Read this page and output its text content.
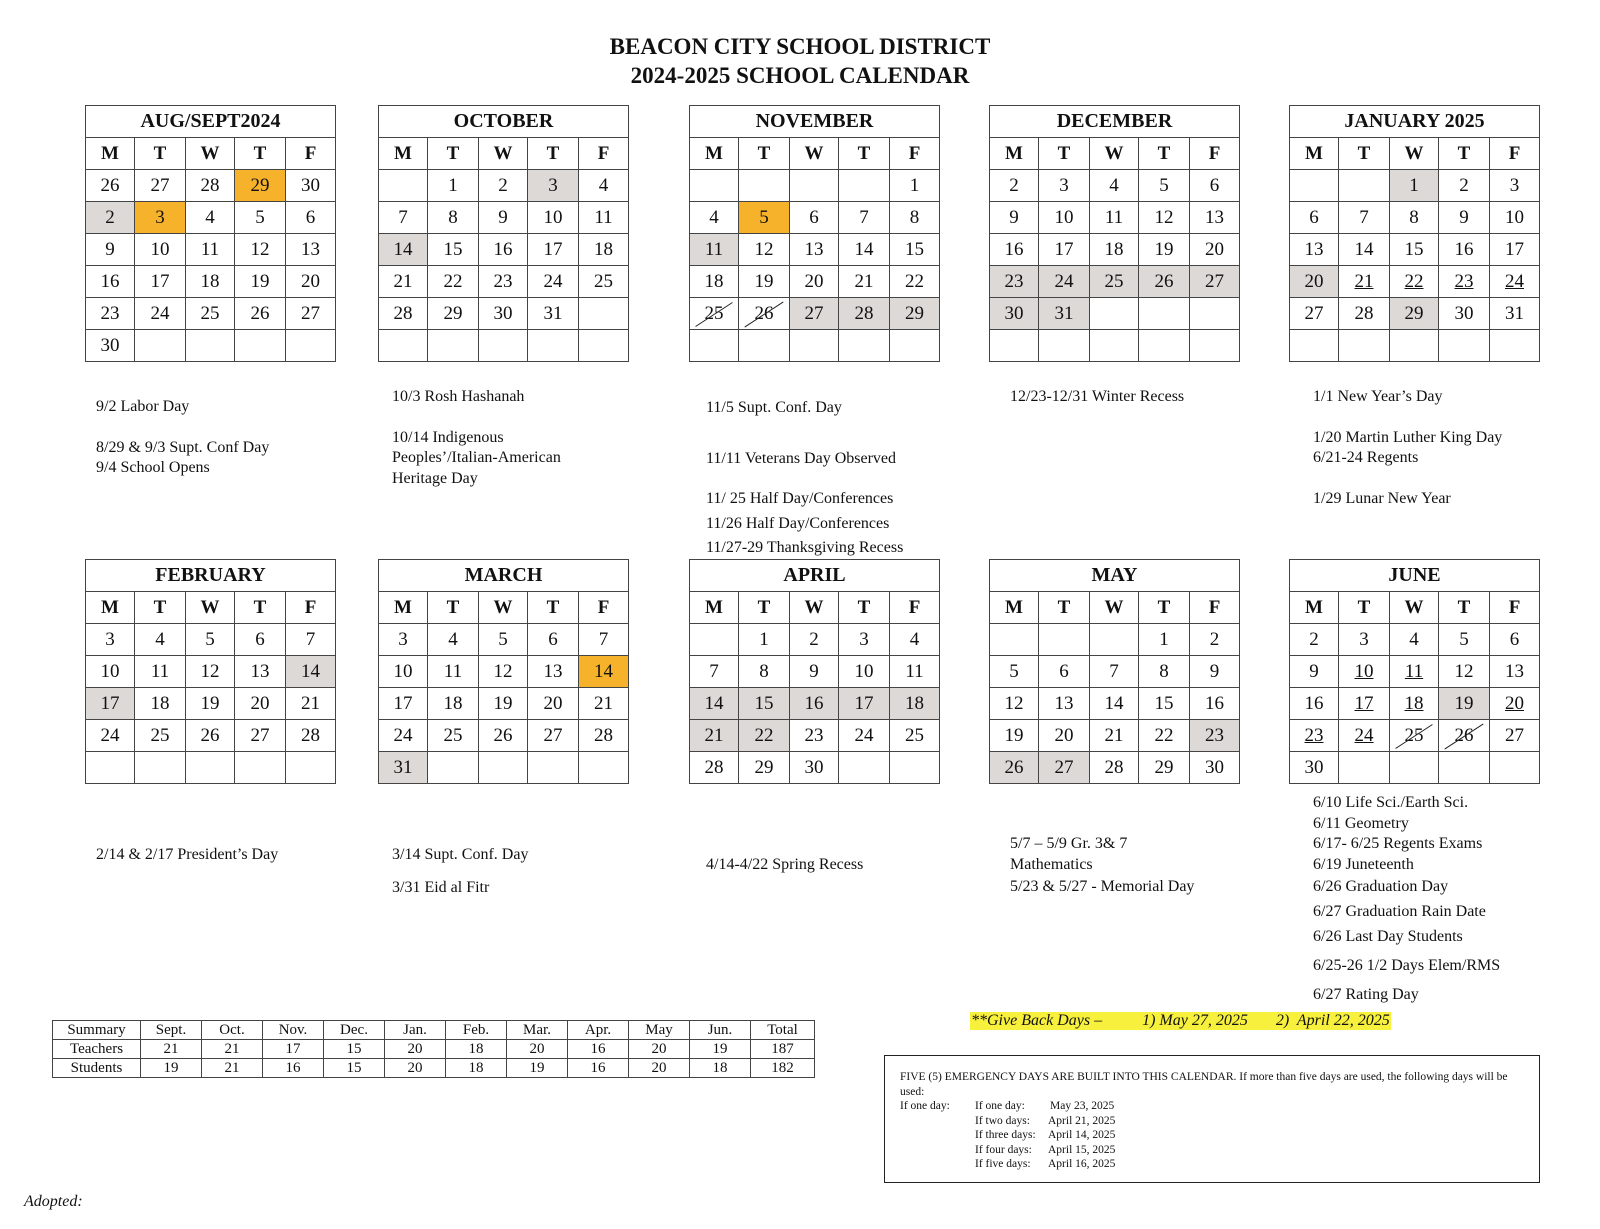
BEACON CITY SCHOOL DISTRICT
2024-2025 SCHOOL CALENDAR
AUG/SEPT2024				
M	T	W	T	F
26	27	28	29	30
2	3	4	5	6
9	10	11	12	13
16	17	18	19	20
23	24	25	26	27
30				
OCTOBER				
M	T	W	T	F
	1	2	3	4
7	8	9	10	11
14	15	16	17	18
21	22	23	24	25
28	29	30	31	

NOVEMBER				
M	T	W	T	F
				1
4	5	6	7	8
11	12	13	14	15
18	19	20	21	22
25	26	27	28	29

DECEMBER				
M	T	W	T	F
2	3	4	5	6
9	10	11	12	13
16	17	18	19	20
23	24	25	26	27
30	31			

JANUARY 2025				
M	T	W	T	F
		1	2	3
6	7	8	9	10
13	14	15	16	17
20	21	22	23	24
27	28	29	30	31

FEBRUARY				
M	T	W	T	F
3	4	5	6	7
10	11	12	13	14
17	18	19	20	21
24	25	26	27	28

MARCH				
M	T	W	T	F
3	4	5	6	7
10	11	12	13	14
17	18	19	20	21
24	25	26	27	28
31				
APRIL				
M	T	W	T	F
	1	2	3	4
7	8	9	10	11
14	15	16	17	18
21	22	23	24	25
28	29	30		
MAY				
M	T	W	T	F
			1	2
5	6	7	8	9
12	13	14	15	16
19	20	21	22	23
26	27	28	29	30
JUNE				
M	T	W	T	F
2	3	4	5	6
9	10	11	12	13
16	17	18	19	20
23	24	25	26	27
30				
9/2 Labor Day
8/29 & 9/3 Supt. Conf Day
9/4 School Opens
10/3 Rosh Hashanah
10/14 Indigenous
Peoples’/Italian-American
Heritage Day
11/5 Supt. Conf. Day
11/11 Veterans Day Observed
11/ 25 Half Day/Conferences
11/26 Half Day/Conferences
11/27-29 Thanksgiving Recess
12/23-12/31 Winter Recess	1/1 New Year’s Day
1/20 Martin Luther King Day
6/21-24 Regents
1/29 Lunar New Year
2/14 & 2/17 President’s Day	3/14 Supt. Conf. Day
3/31 Eid al Fitr
4/14-4/22 Spring Recess
5/7 – 5/9 Gr. 3& 7
Mathematics
5/23 & 5/27 - Memorial Day
6/10 Life Sci./Earth Sci.
6/11 Geometry
6/17- 6/25 Regents Exams
6/19 Juneteenth
6/26 Graduation Day
6/27 Graduation Rain Date
6/26 Last Day Students
6/25-26 1/2 Days Elem/RMS
6/27 Rating Day
Summary	Sept.	Oct.	Nov.	Dec.	Jan.	Feb.	Mar.	Apr.	May	Jun.	Total
Teachers	21	21	17	15	20	18	20	16	20	19	187
Students	19	21	16	15	20	18	19	16	20	18	182
**Give Back Days –	1) May 27, 2025 2)  April 22, 2025
FIVE (5) EMERGENCY DAYS ARE BUILT INTO THIS CALENDAR. If more than five days are used, the following days will be used:
If one day: If one day: May 23, 2025
If two days: April 21, 2025
If three days: April 14, 2025
If four days: April 15, 2025
If five days: April 16, 2025
Adopted:
